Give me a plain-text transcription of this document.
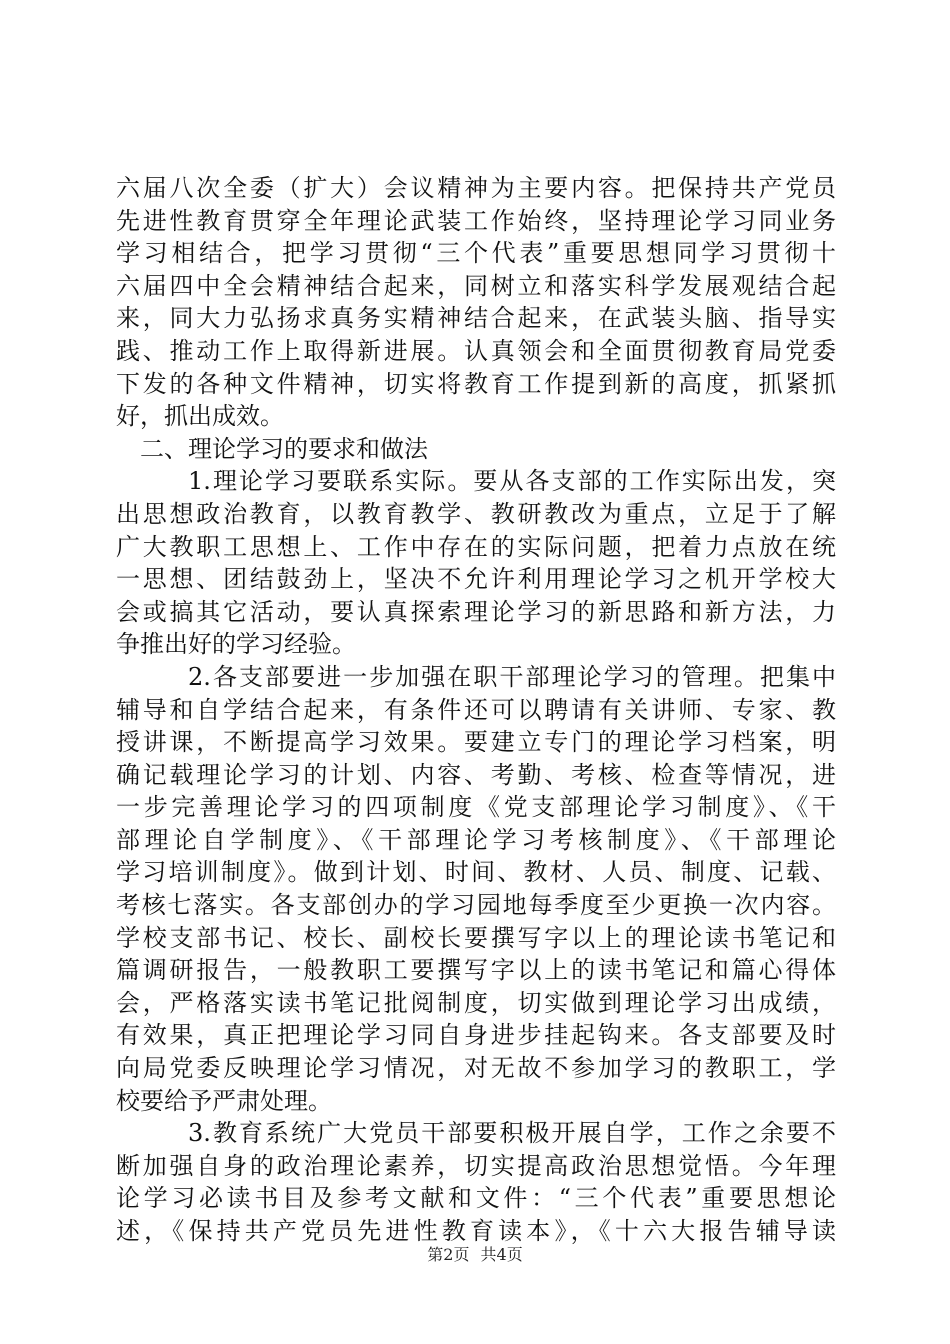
六届八次全委（扩大）会议精神为主要内容。把保持共产党员
先进性教育贯穿全年理论武装工作始终，坚持理论学习同业务
学习相结合，把学习贯彻“三个代表”重要思想同学习贯彻十
六届四中全会精神结合起来，同树立和落实科学发展观结合起
来，同大力弘扬求真务实精神结合起来，在武装头脑、指导实
践、推动工作上取得新进展。认真领会和全面贯彻教育局党委
下发的各种文件精神，切实将教育工作提到新的高度，抓紧抓
好，抓出成效。
二、理论学习的要求和做法
1.理论学习要联系实际。要从各支部的工作实际出发，突
出思想政治教育，以教育教学、教研教改为重点，立足于了解
广大教职工思想上、工作中存在的实际问题，把着力点放在统
一思想、团结鼓劲上，坚决不允许利用理论学习之机开学校大
会或搞其它活动，要认真探索理论学习的新思路和新方法，力
争推出好的学习经验。
2.各支部要进一步加强在职干部理论学习的管理。把集中
辅导和自学结合起来，有条件还可以聘请有关讲师、专家、教
授讲课，不断提高学习效果。要建立专门的理论学习档案，明
确记载理论学习的计划、内容、考勤、考核、检查等情况，进
一步完善理论学习的四项制度《党支部理论学习制度》、《干
部理论自学制度》、《干部理论学习考核制度》、《干部理论
学习培训制度》。做到计划、时间、教材、人员、制度、记载、
考核七落实。各支部创办的学习园地每季度至少更换一次内容。
学校支部书记、校长、副校长要撰写字以上的理论读书笔记和
篇调研报告，一般教职工要撰写字以上的读书笔记和篇心得体
会，严格落实读书笔记批阅制度，切实做到理论学习出成绩，
有效果，真正把理论学习同自身进步挂起钩来。各支部要及时
向局党委反映理论学习情况，对无故不参加学习的教职工，学
校要给予严肃处理。
3.教育系统广大党员干部要积极开展自学，工作之余要不
断加强自身的政治理论素养，切实提高政治思想觉悟。今年理
论学习必读书目及参考文献和文件：“三个代表”重要思想论
述，《保持共产党员先进性教育读本》，《十六大报告辅导读
第2页 共4页
